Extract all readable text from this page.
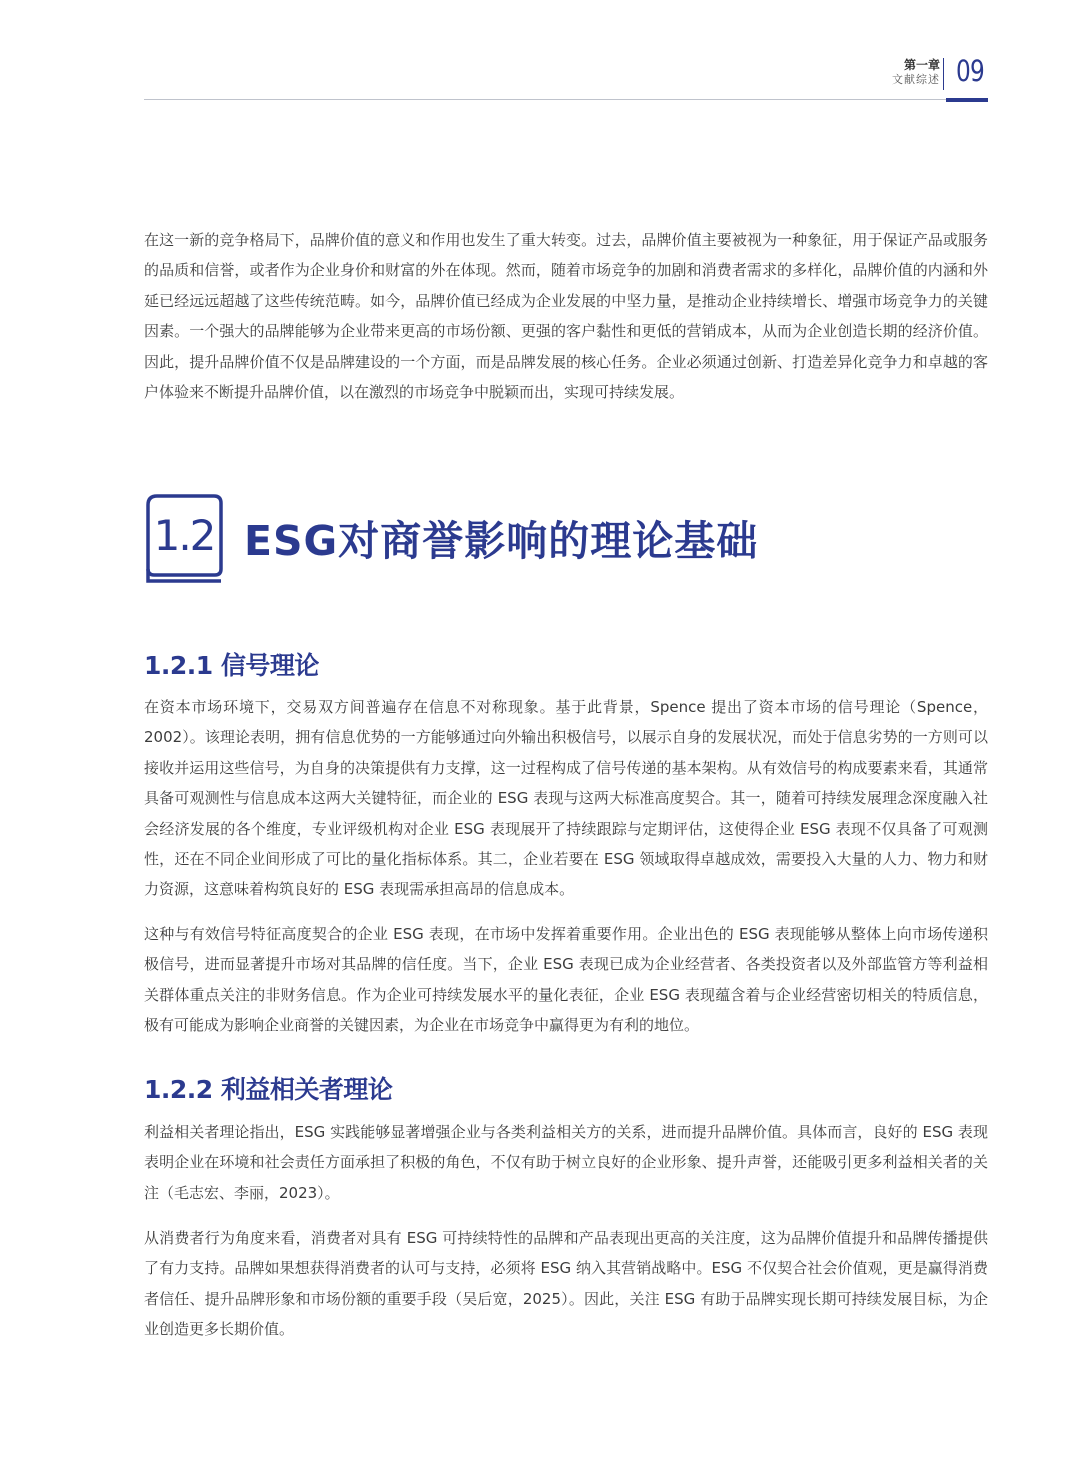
第一章
文献综述 09

在这一新的竞争格局下，品牌价值的意义和作用也发生了重大转变。过去，品牌价值主要被视为一种象征，用于保证产品或服务的品质和信誉，或者作为企业身价和财富的外在体现。然而，随着市场竞争的加剧和消费者需求的多样化，品牌价值的内涵和外延已经远远超越了这些传统范畴。如今，品牌价值已经成为企业发展的中坚力量，是推动企业持续增长、增强市场竞争力的关键因素。一个强大的品牌能够为企业带来更高的市场份额、更强的客户黏性和更低的营销成本，从而为企业创造长期的经济价值。因此，提升品牌价值不仅是品牌建设的一个方面，而是品牌发展的核心任务。企业必须通过创新、打造差异化竞争力和卓越的客户体验来不断提升品牌价值，以在激烈的市场竞争中脱颖而出，实现可持续发展。

1.2 ESG对商誉影响的理论基础
1.2.1 信号理论

在资本市场环境下，交易双方间普遍存在信息不对称现象。基于此背景，Spence 提出了资本市场的信号理论（Spence，2002）。该理论表明，拥有信息优势的一方能够通过向外输出积极信号，以展示自身的发展状况，而处于信息劣势的一方则可以接收并运用这些信号，为自身的决策提供有力支撑，这一过程构成了信号传递的基本架构。从有效信号的构成要素来看，其通常具备可观测性与信息成本这两大关键特征，而企业的 ESG 表现与这两大标准高度契合。其一，随着可持续发展理念深度融入社会经济发展的各个维度，专业评级机构对企业 ESG 表现展开了持续跟踪与定期评估，这使得企业 ESG 表现不仅具备了可观测性，还在不同企业间形成了可比的量化指标体系。其二，企业若要在 ESG 领域取得卓越成效，需要投入大量的人力、物力和财力资源，这意味着构筑良好的 ESG 表现需承担高昂的信息成本。

这种与有效信号特征高度契合的企业 ESG 表现，在市场中发挥着重要作用。企业出色的 ESG 表现能够从整体上向市场传递积极信号，进而显著提升市场对其品牌的信任度。当下，企业 ESG 表现已成为企业经营者、各类投资者以及外部监管方等利益相关群体重点关注的非财务信息。作为企业可持续发展水平的量化表征，企业 ESG 表现蕴含着与企业经营密切相关的特质信息，极有可能成为影响企业商誉的关键因素，为企业在市场竞争中赢得更为有利的地位。

1.2.2 利益相关者理论

利益相关者理论指出，ESG 实践能够显著增强企业与各类利益相关方的关系，进而提升品牌价值。具体而言，良好的 ESG 表现表明企业在环境和社会责任方面承担了积极的角色，不仅有助于树立良好的企业形象、提升声誉，还能吸引更多利益相关者的关注（毛志宏、李丽，2023）。

从消费者行为角度来看，消费者对具有 ESG 可持续特性的品牌和产品表现出更高的关注度，这为品牌价值提升和品牌传播提供了有力支持。品牌如果想获得消费者的认可与支持，必须将 ESG 纳入其营销战略中。ESG 不仅契合社会价值观，更是赢得消费者信任、提升品牌形象和市场份额的重要手段（吴后宽，2025）。因此，关注 ESG 有助于品牌实现长期可持续发展目标，为企业创造更多长期价值。
